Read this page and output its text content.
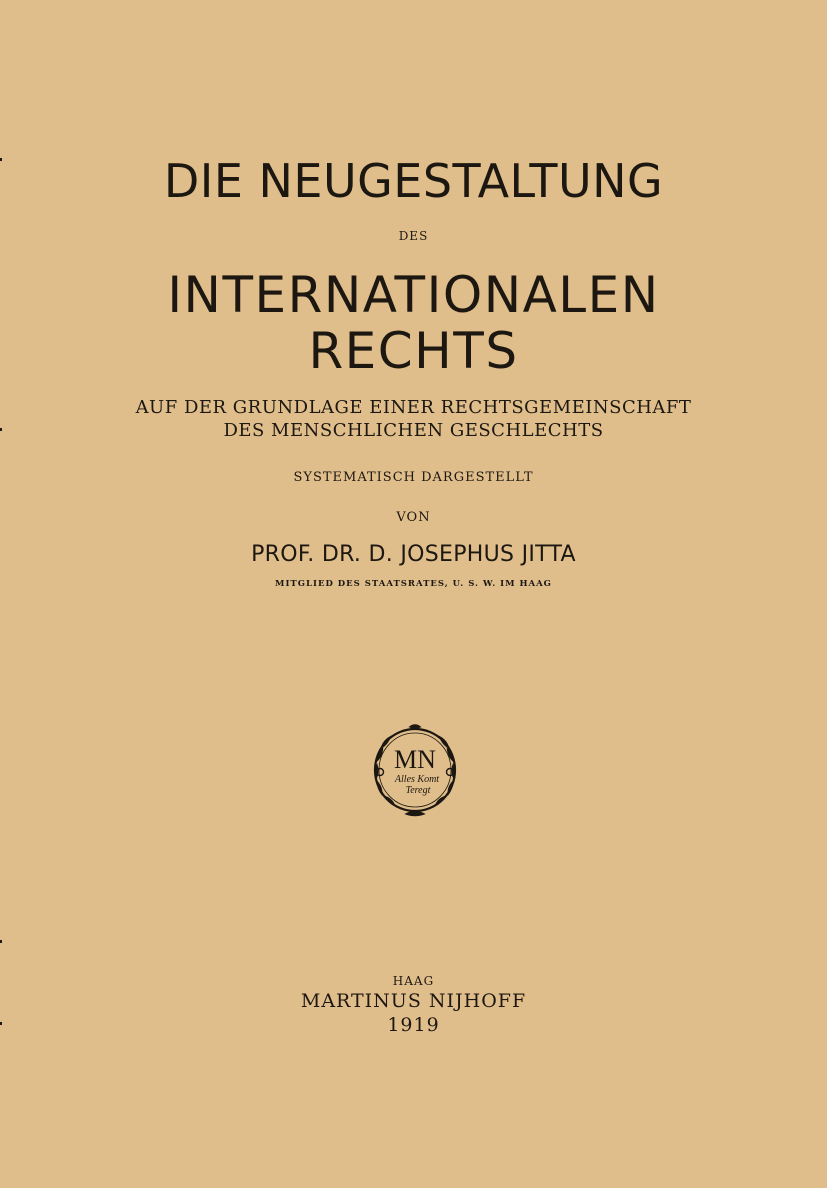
DIE NEUGESTALTUNG
DES
INTERNATIONALEN
RECHTS
AUF DER GRUNDLAGE EINER RECHTSGEMEINSCHAFT
DES MENSCHLICHEN GESCHLECHTS
SYSTEMATISCH DARGESTELLT
VON
PROF. DR. D. JOSEPHUS JITTA
MITGLIED DES STAATSRATES, U. S. W. IM HAAG
MN
Alles Komt
Teregt
HAAG
MARTINUS NIJHOFF
1919
